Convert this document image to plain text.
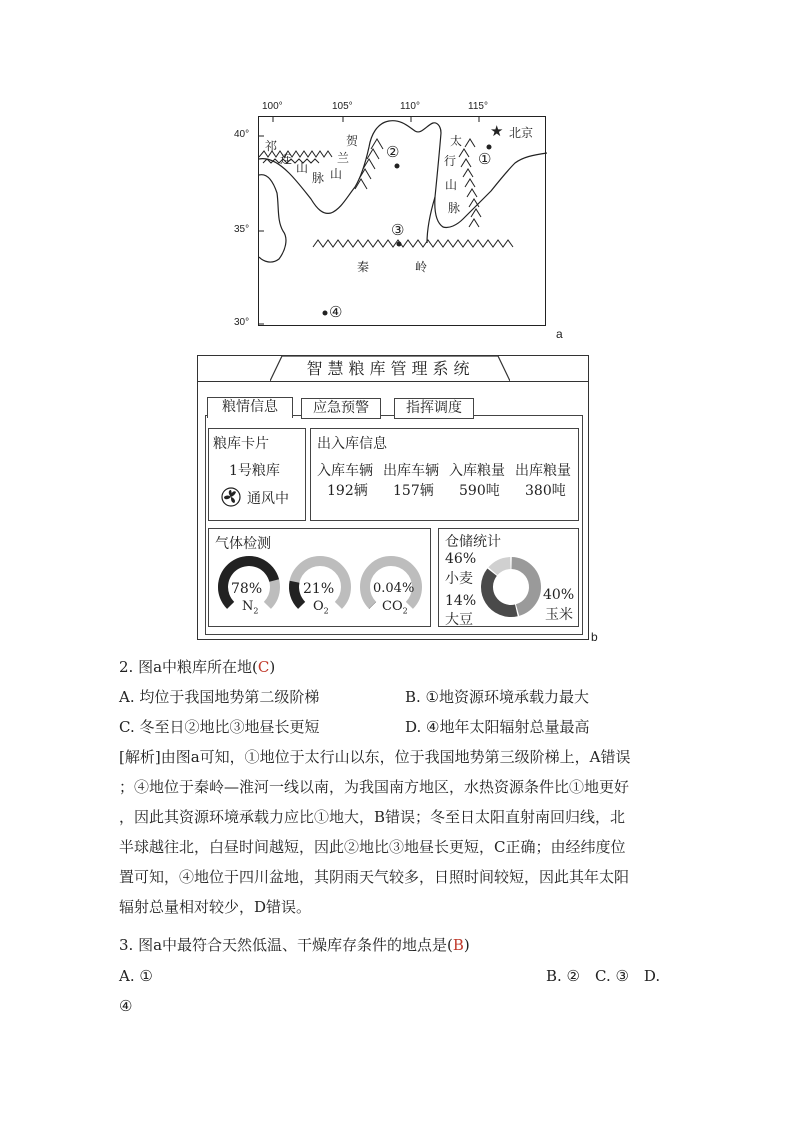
100°	105°	110°	115°
40°
35°
30°
祁
连
山
脉
贺
兰
山
太
行
山
脉
秦	岭
★ 北京
①
②
③
④
a
智慧粮库管理系统
粮情信息	应急预警	指挥调度
粮库卡片
1号粮库
通风中
出入库信息
入库车辆 出库车辆 入库粮量 出库粮量
192辆 157辆 590吨 380吨
气体检测
78%
$N_2$
21%
$O_2$
0.04%
$CO_2$
仓储统计
46%
小麦
40%
玉米
14%
大豆
b
2. 图a中粮库所在地(C)
A. 均位于我国地势第二级阶梯	B. ①地资源环境承载力最大
C. 冬至日②地比③地昼长更短	D. ④地年太阳辐射总量最高
[解析]由图a可知，①地位于太行山以东，位于我国地势第三级阶梯上，A错误
；④地位于秦岭—淮河一线以南，为我国南方地区，水热资源条件比①地更好
，因此其资源环境承载力应比①地大，B错误；冬至日太阳直射南回归线，北
半球越往北，白昼时间越短，因此②地比③地昼长更短，C正确；由经纬度位
置可知，④地位于四川盆地，其阴雨天气较多，日照时间较短，因此其年太阳
辐射总量相对较少，D错误。
3. 图a中最符合天然低温、干燥库存条件的地点是(B)
A. ①	B. ②　C. ③　D.
④
